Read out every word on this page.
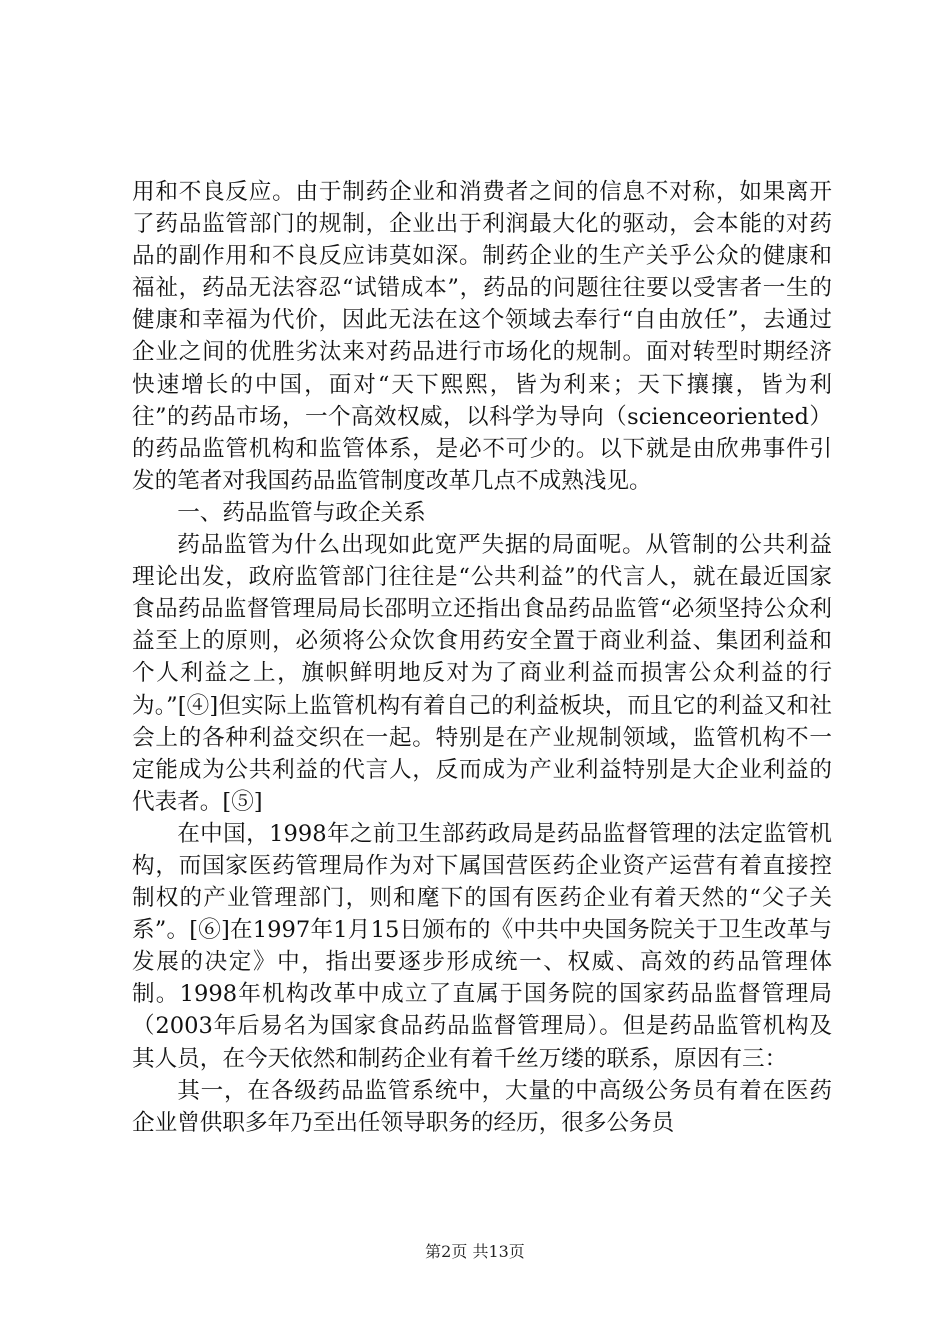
用和不良反应。由于制药企业和消费者之间的信息不对称，如果离开了药品监管部门的规制，企业出于利润最大化的驱动，会本能的对药品的副作用和不良反应讳莫如深。制药企业的生产关乎公众的健康和福祉，药品无法容忍“试错成本”，药品的问题往往要以受害者一生的健康和幸福为代价，因此无法在这个领域去奉行“自由放任”，去通过企业之间的优胜劣汰来对药品进行市场化的规制。面对转型时期经济快速增长的中国，面对“天下熙熙，皆为利来；天下攘攘，皆为利往”的药品市场，一个高效权威，以科学为导向（scienceoriented）的药品监管机构和监管体系，是必不可少的。以下就是由欣弗事件引发的笔者对我国药品监管制度改革几点不成熟浅见。

一、药品监管与政企关系

药品监管为什么出现如此宽严失据的局面呢。从管制的公共利益理论出发，政府监管部门往往是“公共利益”的代言人，就在最近国家食品药品监督管理局局长邵明立还指出食品药品监管“必须坚持公众利益至上的原则，必须将公众饮食用药安全置于商业利益、集团利益和个人利益之上，旗帜鲜明地反对为了商业利益而损害公众利益的行为。”[④]但实际上监管机构有着自己的利益板块，而且它的利益又和社会上的各种利益交织在一起。特别是在产业规制领域，监管机构不一定能成为公共利益的代言人，反而成为产业利益特别是大企业利益的代表者。[⑤]

在中国，1998年之前卫生部药政局是药品监督管理的法定监管机构，而国家医药管理局作为对下属国营医药企业资产运营有着直接控制权的产业管理部门，则和麾下的国有医药企业有着天然的“父子关系”。[⑥]在1997年1月15日颁布的《中共中央国务院关于卫生改革与发展的决定》中，指出要逐步形成统一、权威、高效的药品管理体制。1998年机构改革中成立了直属于国务院的国家药品监督管理局（2003年后易名为国家食品药品监督管理局）。但是药品监管机构及其人员，在今天依然和制药企业有着千丝万缕的联系，原因有三：

其一，在各级药品监管系统中，大量的中高级公务员有着在医药企业曾供职多年乃至出任领导职务的经历，很多公务员

第2页 共13页
